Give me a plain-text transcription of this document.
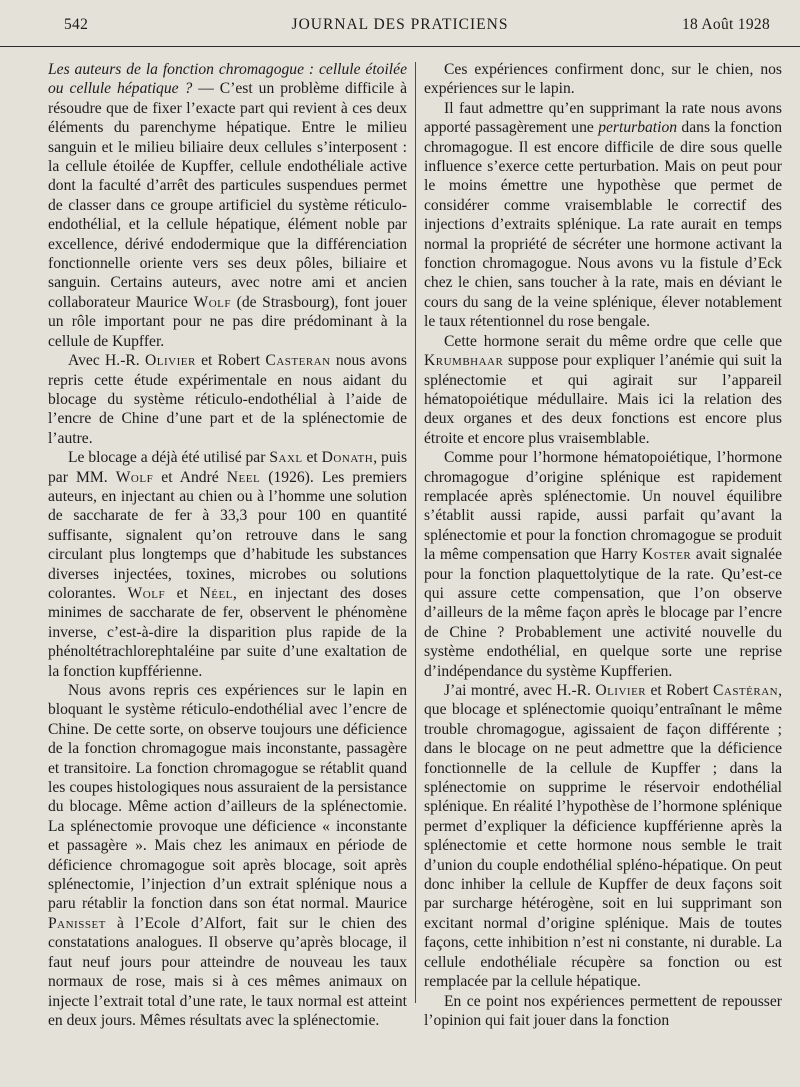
542	JOURNAL DES PRATICIENS	18 Août 1928

Les auteurs de la fonction chromagogue : cellule étoilée ou cellule hépatique ? — C’est un problème difficile à résoudre que de fixer l’exacte part qui revient à ces deux éléments du parenchyme hépatique. Entre le milieu sanguin et le milieu biliaire deux cellules s’interposent : la cellule étoilée de Kupffer, cellule endothéliale active dont la faculté d’arrêt des particules suspendues permet de classer dans ce groupe artificiel du système réticulo-endothélial, et la cellule hépatique, élément noble par excellence, dérivé endodermique que la différenciation fonctionnelle oriente vers ses deux pôles, biliaire et sanguin. Certains auteurs, avec notre ami et ancien collaborateur Maurice Wolf (de Strasbourg), font jouer un rôle important pour ne pas dire prédominant à la cellule de Kupffer.

Avec H.-R. Olivier et Robert Casteran nous avons repris cette étude expérimentale en nous aidant du blocage du système réticulo-endothélial à l’aide de l’encre de Chine d’une part et de la splénectomie de l’autre.

Le blocage a déjà été utilisé par Saxl et Donath, puis par MM. Wolf et André Neel (1926). Les premiers auteurs, en injectant au chien ou à l’homme une solution de saccharate de fer à 33,3 pour 100 en quantité suffisante, signalent qu’on retrouve dans le sang circulant plus longtemps que d’habitude les substances diverses injectées, toxines, microbes ou solutions colorantes. Wolf et Néel, en injectant des doses minimes de saccharate de fer, observent le phénomène inverse, c’est-à-dire la disparition plus rapide de la phénoltétrachlorephtaléine par suite d’une exaltation de la fonction kupfférienne.

Nous avons repris ces expériences sur le lapin en bloquant le système réticulo-endothélial avec l’encre de Chine. De cette sorte, on observe toujours une déficience de la fonction chromagogue mais inconstante, passagère et transitoire. La fonction chromagogue se rétablit quand les coupes histologiques nous assuraient de la persistance du blocage. Même action d’ailleurs de la splénectomie. La splénectomie provoque une déficience « inconstante et passagère ». Mais chez les animaux en période de déficience chromagogue soit après blocage, soit après splénectomie, l’injection d’un extrait splénique nous a paru rétablir la fonction dans son état normal. Maurice Panisset à l’Ecole d’Alfort, fait sur le chien des constatations analogues. Il observe qu’après blocage, il faut neuf jours pour atteindre de nouveau les taux normaux de rose, mais si à ces mêmes animaux on injecte l’extrait total d’une rate, le taux normal est atteint en deux jours. Mêmes résultats avec la splénectomie.

Ces expériences confirment donc, sur le chien, nos expériences sur le lapin.

Il faut admettre qu’en supprimant la rate nous avons apporté passagèrement une perturbation dans la fonction chromagogue. Il est encore difficile de dire sous quelle influence s’exerce cette perturbation. Mais on peut pour le moins émettre une hypothèse que permet de considérer comme vraisemblable le correctif des injections d’extraits splénique. La rate aurait en temps normal la propriété de sécréter une hormone activant la fonction chromagogue. Nous avons vu la fistule d’Eck chez le chien, sans toucher à la rate, mais en déviant le cours du sang de la veine splénique, élever notablement le taux rétentionnel du rose bengale.

Cette hormone serait du même ordre que celle que Krumbhaar suppose pour expliquer l’anémie qui suit la splénectomie et qui agirait sur l’appareil hématopoiétique médullaire. Mais ici la relation des deux organes et des deux fonctions est encore plus étroite et encore plus vraisemblable.

Comme pour l’hormone hématopoiétique, l’hormone chromagogue d’origine splénique est rapidement remplacée après splénectomie. Un nouvel équilibre s’établit aussi rapide, aussi parfait qu’avant la splénectomie et pour la fonction chromagogue se produit la même compensation que Harry Koster avait signalée pour la fonction plaquettolytique de la rate. Qu’est-ce qui assure cette compensation, que l’on observe d’ailleurs de la même façon après le blocage par l’encre de Chine ? Probablement une activité nouvelle du système endothélial, en quelque sorte une reprise d’indépendance du système Kupfferien.

J’ai montré, avec H.-R. Olivier et Robert Castéran, que blocage et splénectomie quoiqu’entraînant le même trouble chromagogue, agissaient de façon différente ; dans le blocage on ne peut admettre que la déficience fonctionnelle de la cellule de Kupffer ; dans la splénectomie on supprime le réservoir endothélial splénique. En réalité l’hypothèse de l’hormone splénique permet d’expliquer la déficience kupfférienne après la splénectomie et cette hormone nous semble le trait d’union du couple endothélial spléno-hépatique. On peut donc inhiber la cellule de Kupffer de deux façons soit par surcharge hétérogène, soit en lui supprimant son excitant normal d’origine splénique. Mais de toutes façons, cette inhibition n’est ni constante, ni durable. La cellule endothéliale récupère sa fonction ou est remplacée par la cellule hépatique.

En ce point nos expériences permettent de repousser l’opinion qui fait jouer dans la fonction
